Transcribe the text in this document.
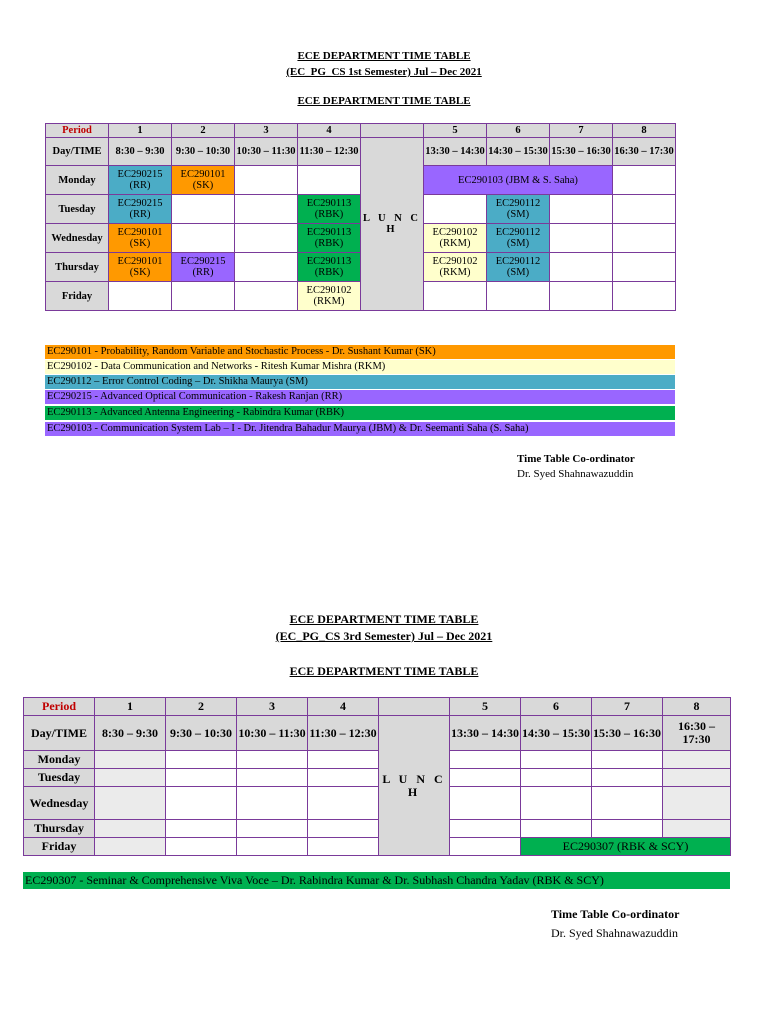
ECE DEPARTMENT TIME TABLE
(EC_PG_CS 1st Semester) Jul – Dec 2021
ECE DEPARTMENT TIME TABLE
Period	1	2	3	4		5	6	7	8
Day/TIME	8:30 – 9:30	9:30 – 10:30	10:30 – 11:30	11:30 – 12:30	L U N C H	13:30 – 14:30	14:30 – 15:30	15:30 – 16:30	16:30 – 17:30
Monday	EC290215 (RR)	EC290101 (SK)				EC290103 (JBM & S. Saha)			
Tuesday	EC290215 (RR)			EC290113 (RBK)			EC290112 (SM)		
Wednesday	EC290101 (SK)			EC290113 (RBK)		EC290102 (RKM)	EC290112 (SM)		
Thursday	EC290101 (SK)	EC290215 (RR)		EC290113 (RBK)		EC290102 (RKM)	EC290112 (SM)		
Friday				EC290102 (RKM)					
EC290101 - Probability, Random Variable and Stochastic Process - Dr. Sushant Kumar (SK)
EC290102 - Data Communication and Networks - Ritesh Kumar Mishra (RKM)
EC290112 – Error Control Coding – Dr. Shikha Maurya (SM)
EC290215 - Advanced Optical Communication - Rakesh Ranjan (RR)
EC290113 - Advanced Antenna Engineering - Rabindra Kumar (RBK)
EC290103 - Communication System Lab – I - Dr. Jitendra Bahadur Maurya (JBM) & Dr. Seemanti Saha (S. Saha)
Time Table Co-ordinator
Dr. Syed Shahnawazuddin
ECE DEPARTMENT TIME TABLE
(EC_PG_CS 3rd Semester) Jul – Dec 2021
ECE DEPARTMENT TIME TABLE
Period	1	2	3	4		5	6	7	8
Day/TIME	8:30 – 9:30	9:30 – 10:30	10:30 – 11:30	11:30 – 12:30	L U N C H	13:30 – 14:30	14:30 – 15:30	15:30 – 16:30	16:30 – 17:30
Monday									
Tuesday									
Wednesday									
Thursday									
Friday							EC290307 (RBK & SCY)		
EC290307 - Seminar & Comprehensive Viva Voce – Dr. Rabindra Kumar & Dr. Subhash Chandra Yadav (RBK & SCY)
Time Table Co-ordinator
Dr. Syed Shahnawazuddin
